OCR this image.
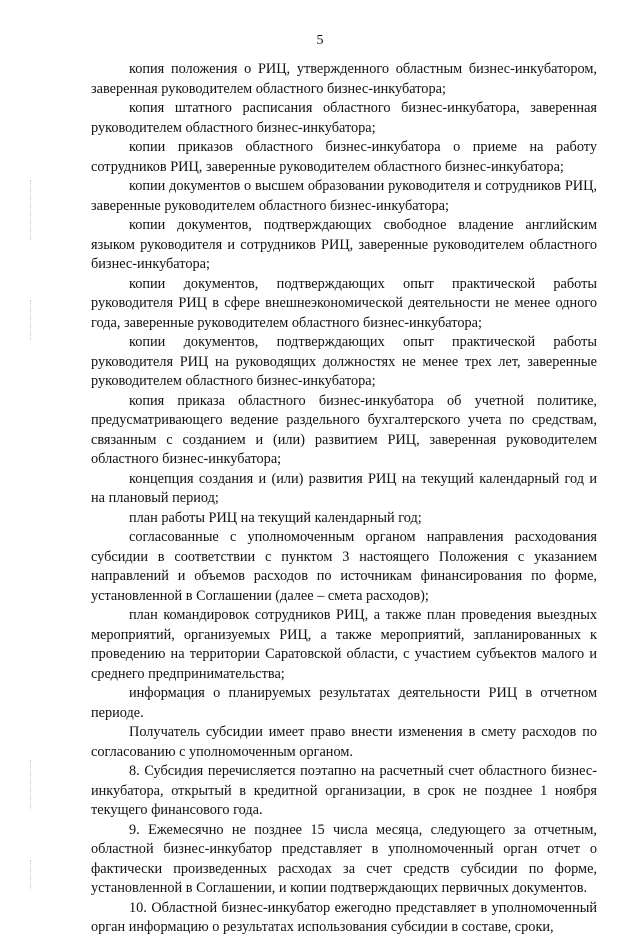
5

копия положения о РИЦ, утвержденного областным бизнес-инкубатором, заверенная руководителем областного бизнес-инкубатора;

копия штатного расписания областного бизнес-инкубатора, заверенная руководителем областного бизнес-инкубатора;

копии приказов областного бизнес-инкубатора о приеме на работу сотрудников РИЦ, заверенные руководителем областного бизнес-инкубатора;

копии документов о высшем образовании руководителя и сотрудников РИЦ, заверенные руководителем областного бизнес-инкубатора;

копии документов, подтверждающих свободное владение английским языком руководителя и сотрудников РИЦ, заверенные руководителем областного бизнес-инкубатора;

копии документов, подтверждающих опыт практической работы руководителя РИЦ в сфере внешнеэкономической деятельности не менее одного года, заверенные руководителем областного бизнес-инкубатора;

копии документов, подтверждающих опыт практической работы руководителя РИЦ на руководящих должностях не менее трех лет, заверенные руководителем областного бизнес-инкубатора;

копия приказа областного бизнес-инкубатора об учетной политике, предусматривающего ведение раздельного бухгалтерского учета по средствам, связанным с созданием и (или) развитием РИЦ, заверенная руководителем областного бизнес-инкубатора;

концепция создания и (или) развития РИЦ на текущий календарный год и на плановый период;

план работы РИЦ на текущий календарный год;

согласованные с уполномоченным органом направления расходования субсидии в соответствии с пунктом 3 настоящего Положения с указанием направлений и объемов расходов по источникам финансирования по форме, установленной в Соглашении (далее – смета расходов);

план командировок сотрудников РИЦ, а также план проведения выездных мероприятий, организуемых РИЦ, а также мероприятий, запланированных к проведению на территории Саратовской области, с участием субъектов малого и среднего предпринимательства;

информация о планируемых результатах деятельности РИЦ в отчетном периоде.

Получатель субсидии имеет право внести изменения в смету расходов по согласованию с уполномоченным органом.

8. Субсидия перечисляется поэтапно на расчетный счет областного бизнес-инкубатора, открытый в кредитной организации, в срок не позднее 1 ноября текущего финансового года.

9. Ежемесячно не позднее 15 числа месяца, следующего за отчетным, областной бизнес-инкубатор представляет в уполномоченный орган отчет о фактически произведенных расходах за счет средств субсидии по форме, установленной в Соглашении, и копии подтверждающих первичных документов.

10. Областной бизнес-инкубатор ежегодно представляет в уполномоченный орган информацию о результатах использования субсидии в составе, сроки,
